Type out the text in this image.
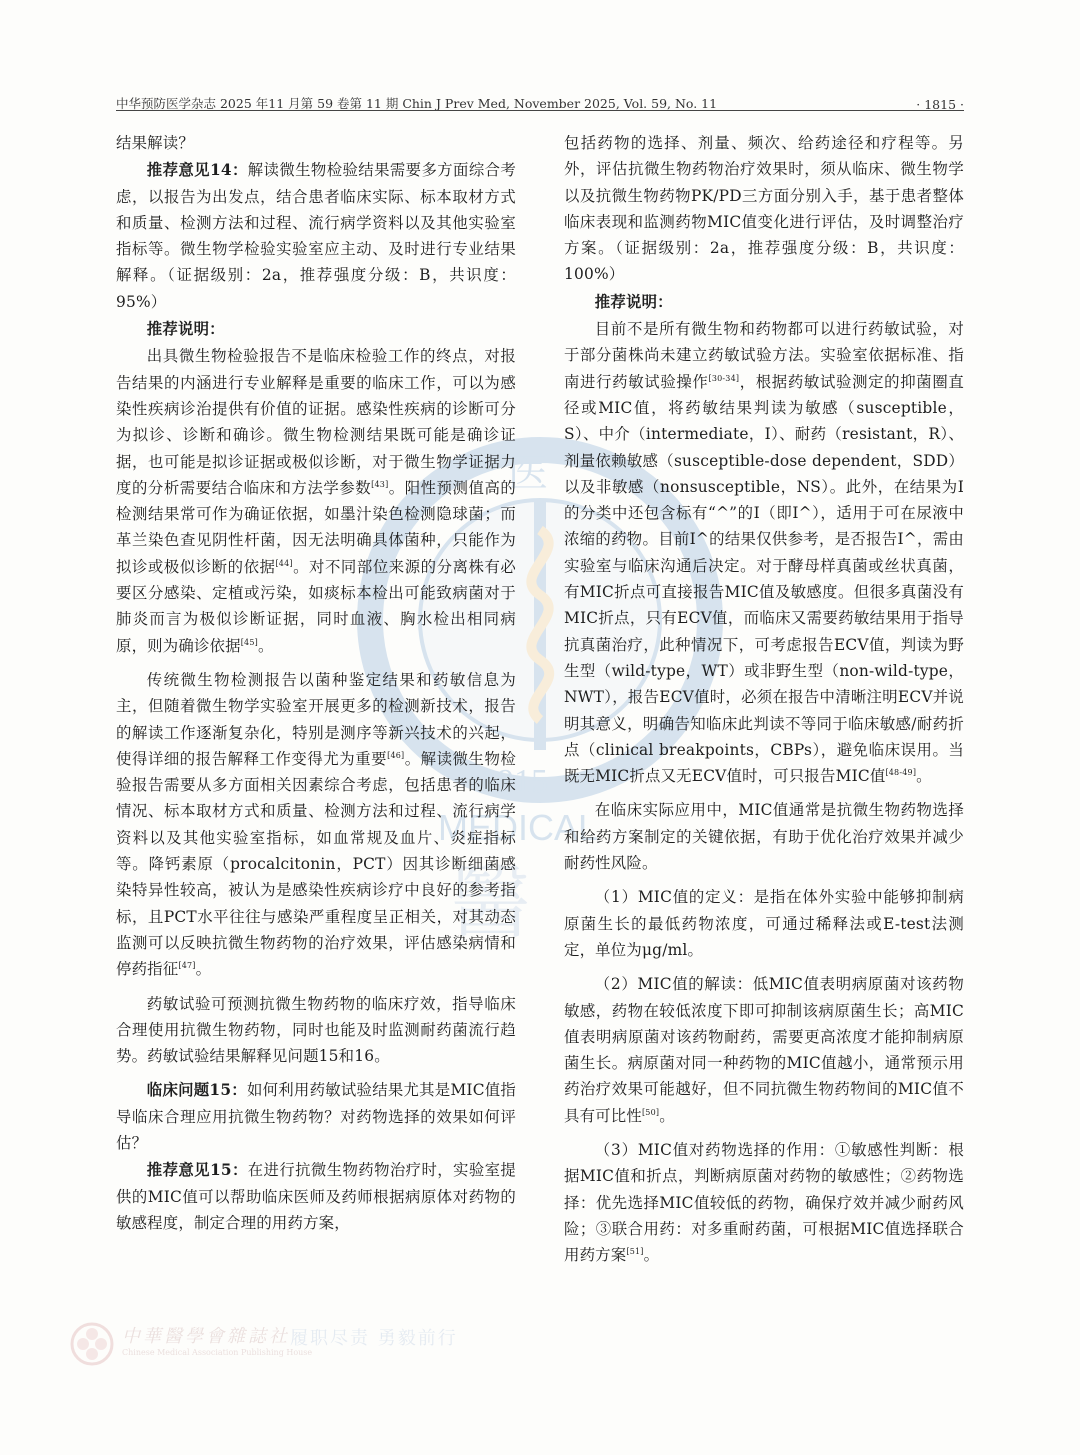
医
1915
MEDICAL
醫
中华预防医学杂志 2025 年11 月第 59 卷第 11 期 Chin J Prev Med, November 2025, Vol. 59, No. 11	· 1815 ·

结果解读？

推荐意见14：解读微生物检验结果需要多方面综合考虑，以报告为出发点，结合患者临床实际、标本取材方式和质量、检测方法和过程、流行病学资料以及其他实验室指标等。微生物学检验实验室应主动、及时进行专业结果解释。（证据级别：2a，推荐强度分级：B，共识度：95%）

推荐说明：

出具微生物检验报告不是临床检验工作的终点，对报告结果的内涵进行专业解释是重要的临床工作，可以为感染性疾病诊治提供有价值的证据。感染性疾病的诊断可分为拟诊、诊断和确诊。微生物检测结果既可能是确诊证据，也可能是拟诊证据或极似诊断，对于微生物学证据力度的分析需要结合临床和方法学参数[43]。阳性预测值高的检测结果常可作为确证依据，如墨汁染色检测隐球菌；而革兰染色查见阴性杆菌，因无法明确具体菌种，只能作为拟诊或极似诊断的依据[44]。对不同部位来源的分离株有必要区分感染、定植或污染，如痰标本检出可能致病菌对于肺炎而言为极似诊断证据，同时血液、胸水检出相同病原，则为确诊依据[45]。

传统微生物检测报告以菌种鉴定结果和药敏信息为主，但随着微生物学实验室开展更多的检测新技术，报告的解读工作逐渐复杂化，特别是测序等新兴技术的兴起，使得详细的报告解释工作变得尤为重要[46]。解读微生物检验报告需要从多方面相关因素综合考虑，包括患者的临床情况、标本取材方式和质量、检测方法和过程、流行病学资料以及其他实验室指标，如血常规及血片、炎症指标等。降钙素原（procalcitonin，PCT）因其诊断细菌感染特异性较高，被认为是感染性疾病诊疗中良好的参考指标，且PCT水平往往与感染严重程度呈正相关，对其动态监测可以反映抗微生物药物的治疗效果，评估感染病情和停药指征[47]。

药敏试验可预测抗微生物药物的临床疗效，指导临床合理使用抗微生物药物，同时也能及时监测耐药菌流行趋势。药敏试验结果解释见问题15和16。

临床问题15：如何利用药敏试验结果尤其是MIC值指导临床合理应用抗微生物药物？对药物选择的效果如何评估？

推荐意见15：在进行抗微生物药物治疗时，实验室提供的MIC值可以帮助临床医师及药师根据病原体对药物的敏感程度，制定合理的用药方案，

包括药物的选择、剂量、频次、给药途径和疗程等。另外，评估抗微生物药物治疗效果时，须从临床、微生物学以及抗微生物药物PK/PD三方面分别入手，基于患者整体临床表现和监测药物MIC值变化进行评估，及时调整治疗方案。（证据级别：2a，推荐强度分级：B，共识度：100%）

推荐说明：

目前不是所有微生物和药物都可以进行药敏试验，对于部分菌株尚未建立药敏试验方法。实验室依据标准、指南进行药敏试验操作[30-34]，根据药敏试验测定的抑菌圈直径或MIC值，将药敏结果判读为敏感（susceptible，S）、中介（intermediate，I）、耐药（resistant，R）、剂量依赖敏感（susceptible-dose dependent，SDD）以及非敏感（nonsusceptible，NS）。此外，在结果为I的分类中还包含标有“^”的I（即I^），适用于可在尿液中浓缩的药物。目前I^的结果仅供参考，是否报告I^，需由实验室与临床沟通后决定。对于酵母样真菌或丝状真菌，有MIC折点可直接报告MIC值及敏感度。但很多真菌没有MIC折点，只有ECV值，而临床又需要药敏结果用于指导抗真菌治疗，此种情况下，可考虑报告ECV值，判读为野生型（wild-type，WT）或非野生型（non-wild-type，NWT），报告ECV值时，必须在报告中清晰注明ECV并说明其意义，明确告知临床此判读不等同于临床敏感/耐药折点（clinical breakpoints，CBPs），避免临床误用。当既无MIC折点又无ECV值时，可只报告MIC值[48-49]。

在临床实际应用中，MIC值通常是抗微生物药物选择和给药方案制定的关键依据，有助于优化治疗效果并减少耐药性风险。

（1）MIC值的定义：是指在体外实验中能够抑制病原菌生长的最低药物浓度，可通过稀释法或E-test法测定，单位为μg/ml。

（2）MIC值的解读：低MIC值表明病原菌对该药物敏感，药物在较低浓度下即可抑制该病原菌生长；高MIC值表明病原菌对该药物耐药，需要更高浓度才能抑制病原菌生长。病原菌对同一种药物的MIC值越小，通常预示用药治疗效果可能越好，但不同抗微生物药物间的MIC值不具有可比性[50]。

（3）MIC值对药物选择的作用：①敏感性判断：根据MIC值和折点，判断病原菌对药物的敏感性；②药物选择：优先选择MIC值较低的药物，确保疗效并减少耐药风险；③联合用药：对多重耐药菌，可根据MIC值选择联合用药方案[51]。

中華醫學會雜誌社
Chinese Medical Association Publishing House
履职尽责 勇毅前行
